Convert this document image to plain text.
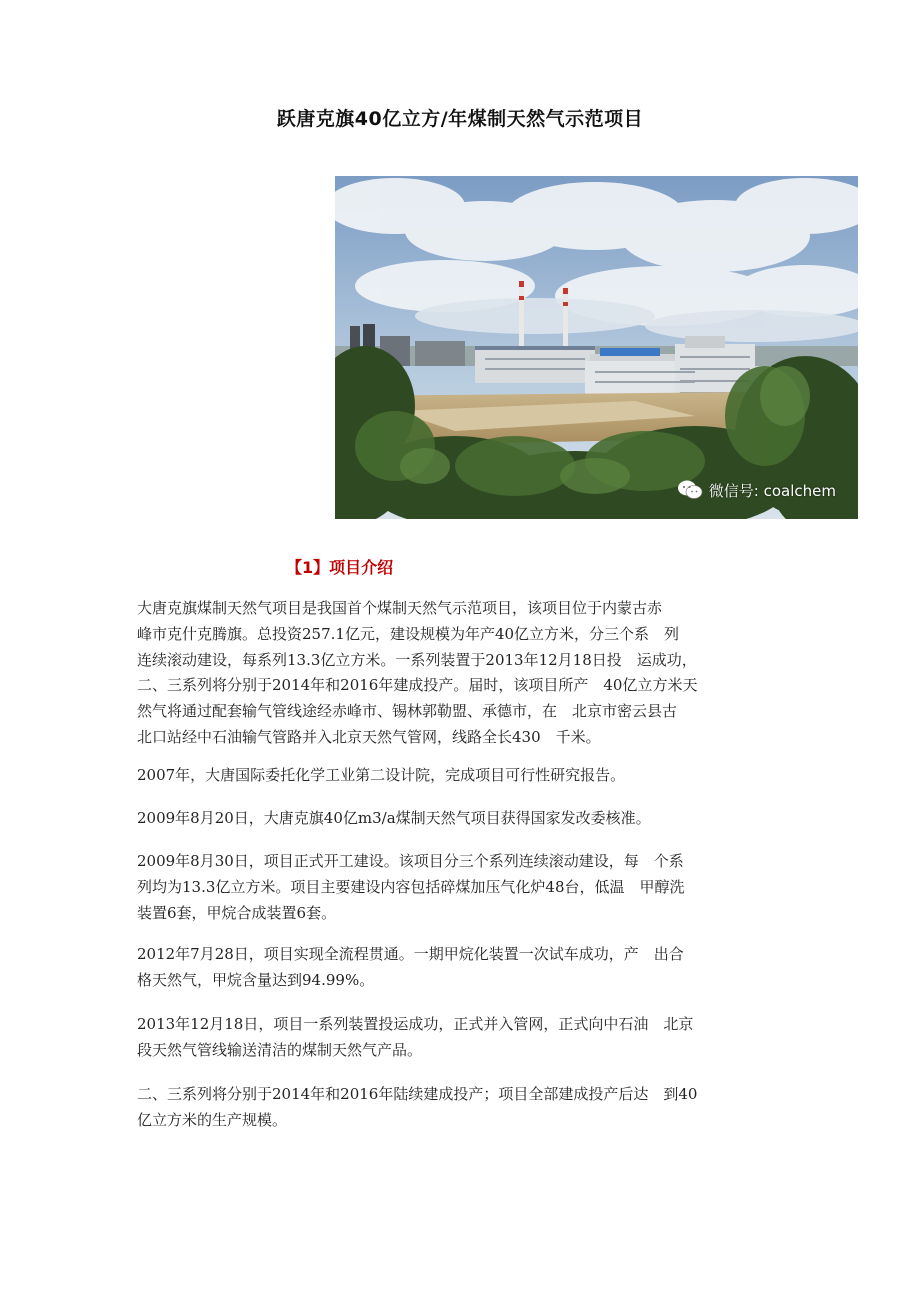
跃唐克旗40亿立方/年煤制天然气示范项目
微信号: coalchem
【1】项目介绍
大唐克旗煤制天然气项目是我国首个煤制天然气示范项目，该项目位于内蒙古赤
峰市克什克腾旗。总投资257.1亿元，建设规模为年产40亿立方米，分三个系　列
连续滚动建设，每系列13.3亿立方米。一系列装置于2013年12月18日投　运成功，
二、三系列将分别于2014年和2016年建成投产。届时，该项目所产　40亿立方米天
然气将通过配套输气管线途经赤峰市、锡林郭勒盟、承德市，在　北京市密云县古
北口站经中石油输气管路并入北京天然气管网，线路全长430　千米。
2007年，大唐国际委托化学工业第二设计院，完成项目可行性研究报告。
2009年8月20日，大唐克旗40亿m3/a煤制天然气项目获得国家发改委核准。
2009年8月30日，项目正式开工建设。该项目分三个系列连续滚动建设，每　个系
列均为13.3亿立方米。项目主要建设内容包括碎煤加压气化炉48台，低温　甲醇洗
装置6套，甲烷合成装置6套。
2012年7月28日，项目实现全流程贯通。一期甲烷化装置一次试车成功，产　出合
格天然气，甲烷含量达到94.99%。
2013年12月18日，项目一系列装置投运成功，正式并入管网，正式向中石油　北京
段天然气管线输送清洁的煤制天然气产品。
二、三系列将分别于2014年和2016年陆续建成投产；项目全部建成投产后达　到40
亿立方米的生产规模。
